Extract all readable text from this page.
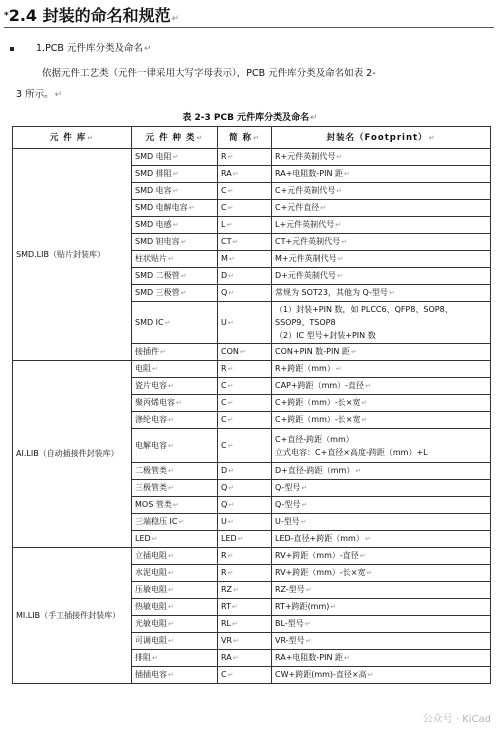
*2.4 封装的命名和规范↵
1.PCB 元件库分类及命名↵
依据元件工艺类（元件一律采用大写字母表示），PCB 元件库分类及命名如表 2-
3 所示。↵
表 2-3 PCB 元件库分类及命名↵
元 件 库↵	元 件 种 类↵	简 称↵	封装名（Footprint）↵
SMD.LIB（贴片封装库）	SMD 电阻↵	R↵	R+元件英制代号↵
	SMD 排阻↵	RA↵	RA+电阻数-PIN 距↵
	SMD 电容↵	C↵	C+元件英制代号↵
	SMD 电解电容↵	C↵	C+元件直径↵
	SMD 电感↵	L↵	L+元件英制代号↵
	SMD 钽电容↵	CT↵	CT+元件英制代号↵
	柱状贴片↵	M↵	M+元件英制代号↵
	SMD 二极管↵	D↵	D+元件英制代号↵
	SMD 三极管↵	Q↵	常规为 SOT23，其他为 Q-型号↵
	SMD IC↵	U↵	（1）封装+PIN 数，如 PLCC6、QFP8、SOP8、SSOP9、TSOP8
（2）IC 型号+封装+PIN 数

	接插件↵	CON↵	CON+PIN 数-PIN 距↵
AI.LIB（自动插接件封装库）	电阻↵	R↵	R+跨距（mm）↵
	瓷片电容↵	C↵	CAP+跨距（mm）-直径↵
	聚丙烯电容↵	C↵	C+跨距（mm）-长×宽↵
	涤纶电容↵	C↵	C+跨距（mm）-长×宽↵
	电解电容↵	C↵	C+直径-跨距（mm）
立式电容：C+直径×高度-跨距（mm）+L

	二极管类↵	D↵	D+直径-跨距（mm）↵
	三极管类↵	Q↵	Q-型号↵
	MOS 管类↵	Q↵	Q-型号↵
	三端稳压 IC↵	U↵	U-型号↵
	LED↵	LED↵	LED-直径+跨距（mm）↵
MI.LIB（手工插接件封装库）	立插电阻↵	R↵	RV+跨距（mm）-直径↵
	水泥电阻↵	R↵	RV+跨距（mm）-长×宽↵
	压敏电阻↵	RZ↵	RZ-型号↵
	热敏电阻↵	RT↵	RT+跨距(mm)↵
	光敏电阻↵	RL↵	BL-型号↵
	可调电阻↵	VR↵	VR-型号↵
	排阻↵	RA↵	RA+电阻数-PIN 距↵
	插插电容↵	C↵	CW+跨距(mm)-直径×高↵
公众号 · KiCad
